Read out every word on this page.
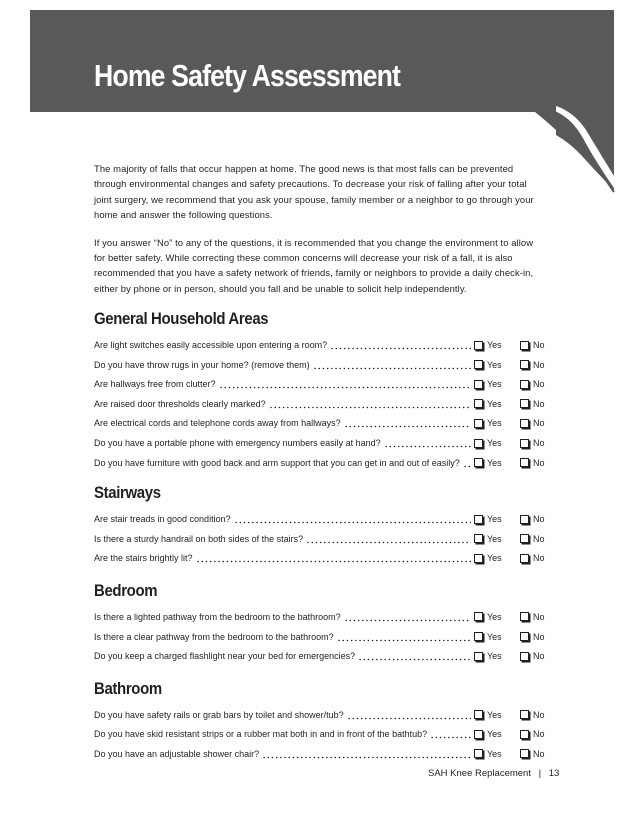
Home Safety Assessment

The majority of falls that occur happen at home. The good news is that most falls can be prevented through environmental changes and safety precautions. To decrease your risk of falling after your total joint surgery, we recommend that you ask your spouse, family member or a neighbor to go through your home and answer the following questions.

If you answer “No” to any of the questions, it is recommended that you change the environment to allow for better safety. While correcting these common concerns will decrease your risk of a fall, it is also recommended that you have a safety network of friends, family or neighbors to provide a daily check-in, either by phone or in person, should you fall and be unable to solicit help independently.

General Household Areas
Are light switches easily accessible upon entering a room?	Yes	No
Do you have throw rugs in your home? (remove them)	Yes	No
Are hallways free from clutter?	Yes	No
Are raised door thresholds clearly marked?	Yes	No
Are electrical cords and telephone cords away from hallways?	Yes	No
Do you have a portable phone with emergency numbers easily at hand?	Yes	No
Do you have furniture with good back and arm support that you can get in and out of easily?	Yes	No
Stairways
Are stair treads in good condition?	Yes	No
Is there a sturdy handrail on both sides of the stairs?	Yes	No
Are the stairs brightly lit?	Yes	No
Bedroom
Is there a lighted pathway from the bedroom to the bathroom?	Yes	No
Is there a clear pathway from the bedroom to the bathroom?	Yes	No
Do you keep a charged flashlight near your bed for emergencies?	Yes	No
Bathroom
Do you have safety rails or grab bars by toilet and shower/tub?	Yes	No
Do you have skid resistant strips or a rubber mat both in and in front of the bathtub?	Yes	No
Do you have an adjustable shower chair?	Yes	No
SAH Knee Replacement | 13
